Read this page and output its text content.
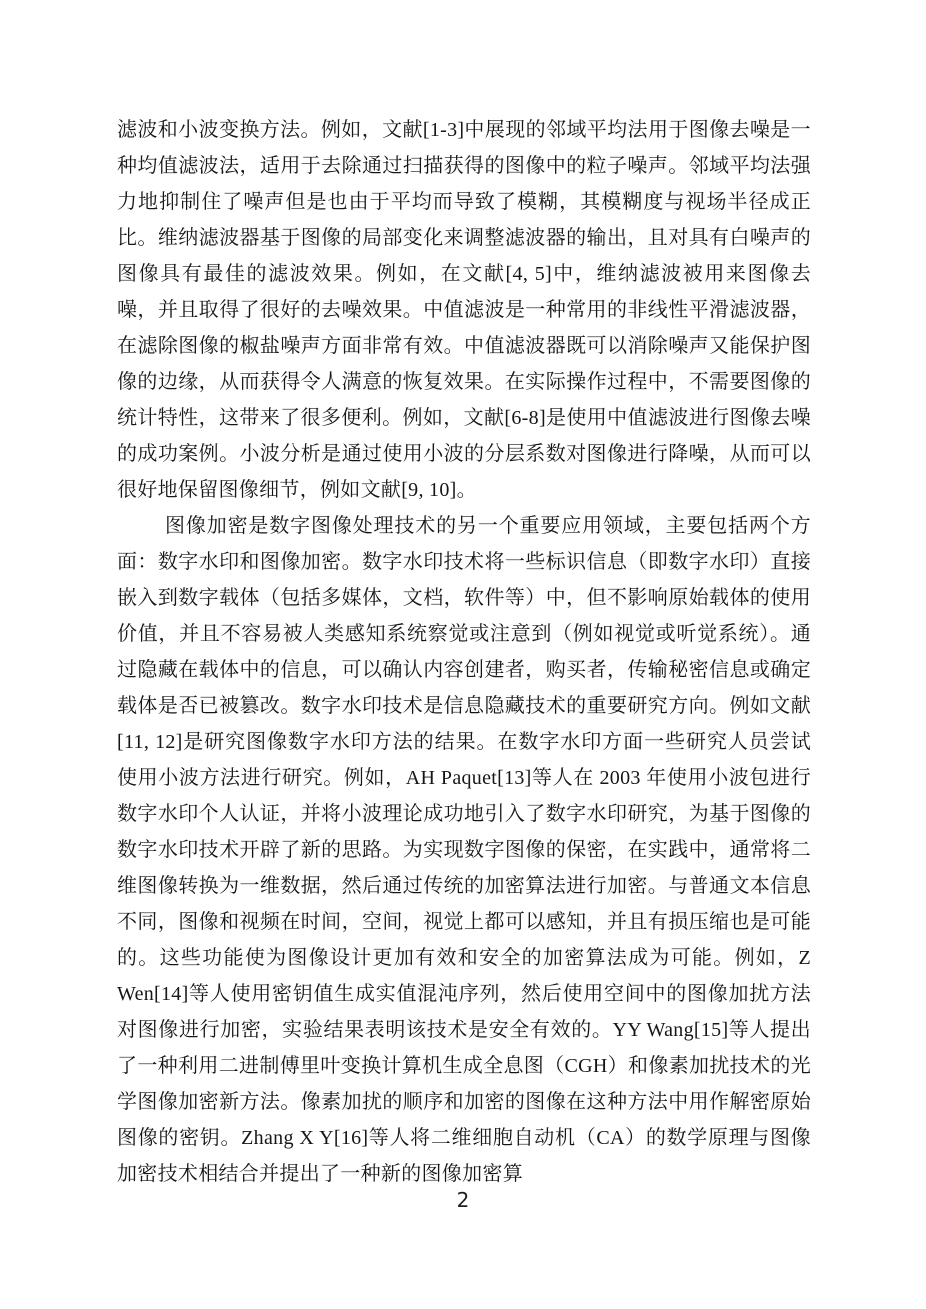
滤波和小波变换方法。例如，文献[1-3]中展现的邻域平均法用于图像去噪是一种均值滤波法，适用于去除通过扫描获得的图像中的粒子噪声。邻域平均法强力地抑制住了噪声但是也由于平均而导致了模糊，其模糊度与视场半径成正比。维纳滤波器基于图像的局部变化来调整滤波器的输出，且对具有白噪声的图像具有最佳的滤波效果。例如，在文献[4, 5]中，维纳滤波被用来图像去噪，并且取得了很好的去噪效果。中值滤波是一种常用的非线性平滑滤波器，在滤除图像的椒盐噪声方面非常有效。中值滤波器既可以消除噪声又能保护图像的边缘，从而获得令人满意的恢复效果。在实际操作过程中，不需要图像的统计特性，这带来了很多便利。例如，文献[6-8]是使用中值滤波进行图像去噪的成功案例。小波分析是通过使用小波的分层系数对图像进行降噪，从而可以很好地保留图像细节，例如文献[9, 10]。

图像加密是数字图像处理技术的另一个重要应用领域，主要包括两个方面：数字水印和图像加密。数字水印技术将一些标识信息（即数字水印）直接嵌入到数字载体（包括多媒体，文档，软件等）中，但不影响原始载体的使用价值，并且不容易被人类感知系统察觉或注意到（例如视觉或听觉系统）。通过隐藏在载体中的信息，可以确认内容创建者，购买者，传输秘密信息或确定载体是否已被篡改。数字水印技术是信息隐藏技术的重要研究方向。例如文献[11, 12]是研究图像数字水印方法的结果。在数字水印方面一些研究人员尝试使用小波方法进行研究。例如，AH Paquet[13]等人在 2003 年使用小波包进行数字水印个人认证，并将小波理论成功地引入了数字水印研究，为基于图像的数字水印技术开辟了新的思路。为实现数字图像的保密，在实践中，通常将二维图像转换为一维数据，然后通过传统的加密算法进行加密。与普通文本信息不同，图像和视频在时间，空间，视觉上都可以感知，并且有损压缩也是可能的。这些功能使为图像设计更加有效和安全的加密算法成为可能。例如，Z Wen[14]等人使用密钥值生成实值混沌序列，然后使用空间中的图像加扰方法对图像进行加密，实验结果表明该技术是安全有效的。YY Wang[15]等人提出了一种利用二进制傅里叶变换计算机生成全息图（CGH）和像素加扰技术的光学图像加密新方法。像素加扰的顺序和加密的图像在这种方法中用作解密原始图像的密钥。Zhang X Y[16]等人将二维细胞自动机（CA）的数学原理与图像加密技术相结合并提出了一种新的图像加密算

2
